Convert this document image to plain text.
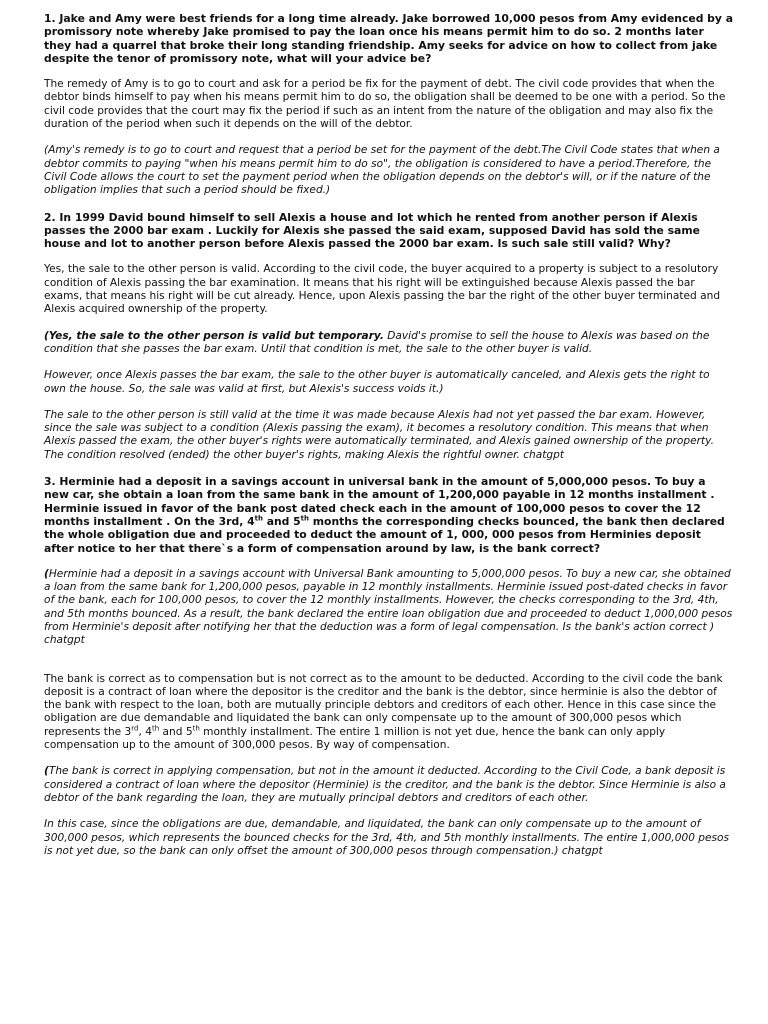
1. Jake and Amy were best friends for a long time already. Jake borrowed 10,000 pesos from Amy evidenced by a promissory note whereby Jake promised to pay the loan once his means permit him to do so. 2 months later they had a quarrel that broke their long standing friendship. Amy seeks for advice on how to collect from jake despite the tenor of promissory note, what will your advice be?

The remedy of Amy is to go to court and ask for a period be fix for the payment of debt. The civil code provides that when the debtor binds himself to pay when his means permit him to do so, the obligation shall be deemed to be one with a period. So the civil code provides that the court may fix the period if such as an intent from the nature of the obligation and may also fix the duration of the period when such it depends on the will of the debtor.

(Amy's remedy is to go to court and request that a period be set for the payment of the debt.The Civil Code states that when a debtor commits to paying "when his means permit him to do so", the obligation is considered to have a period.Therefore, the Civil Code allows the court to set the payment period when the obligation depends on the debtor's will, or if the nature of the obligation implies that such a period should be fixed.)

2. In 1999 David bound himself to sell Alexis a house and lot which he rented from another person if Alexis passes the 2000 bar exam . Luckily for Alexis she passed the said exam, supposed David has sold the same house and lot to another person before Alexis passed the 2000 bar exam. Is such sale still valid? Why?

Yes, the sale to the other person is valid. According to the civil code, the buyer acquired to a property is subject to a resolutory condition of Alexis passing the bar examination. It means that his right will be extinguished because Alexis passed the bar exams, that means his right will be cut already. Hence, upon Alexis passing the bar the right of the other buyer terminated and Alexis acquired ownership of the property.

(Yes, the sale to the other person is valid but temporary. David's promise to sell the house to Alexis was based on the condition that she passes the bar exam. Until that condition is met, the sale to the other buyer is valid.

However, once Alexis passes the bar exam, the sale to the other buyer is automatically canceled, and Alexis gets the right to own the house. So, the sale was valid at first, but Alexis's success voids it.)

The sale to the other person is still valid at the time it was made because Alexis had not yet passed the bar exam. However, since the sale was subject to a condition (Alexis passing the exam), it becomes a resolutory condition. This means that when Alexis passed the exam, the other buyer's rights were automatically terminated, and Alexis gained ownership of the property. The condition resolved (ended) the other buyer's rights, making Alexis the rightful owner. chatgpt

3. Herminie had a deposit in a savings account in universal bank in the amount of 5,000,000 pesos. To buy a new car, she obtain a loan from the same bank in the amount of 1,200,000 payable in 12 months installment . Herminie issued in favor of the bank post dated check each in the amount of 100,000 pesos to cover the 12 months installment . On the 3rd, 4th and 5th months the corresponding checks bounced, the bank then declared the whole obligation due and proceeded to deduct the amount of 1, 000, 000 pesos from Herminies deposit after notice to her that there`s a form of compensation around by law, is the bank correct?

(Herminie had a deposit in a savings account with Universal Bank amounting to 5,000,000 pesos. To buy a new car, she obtained a loan from the same bank for 1,200,000 pesos, payable in 12 monthly installments. Herminie issued post-dated checks in favor of the bank, each for 100,000 pesos, to cover the 12 monthly installments. However, the checks corresponding to the 3rd, 4th, and 5th months bounced. As a result, the bank declared the entire loan obligation due and proceeded to deduct 1,000,000 pesos from Herminie's deposit after notifying her that the deduction was a form of legal compensation. Is the bank's action correct ) chatgpt

The bank is correct as to compensation but is not correct as to the amount to be deducted. According to the civil code the bank deposit is a contract of loan where the depositor is the creditor and the bank is the debtor, since herminie is also the debtor of the bank with respect to the loan, both are mutually principle debtors and creditors of each other. Hence in this case since the obligation are due demandable and liquidated the bank can only compensate up to the amount of 300,000 pesos which represents the 3rd, 4th and 5th monthly installment. The entire 1 million is not yet due, hence the bank can only apply compensation up to the amount of 300,000 pesos. By way of compensation.

(The bank is correct in applying compensation, but not in the amount it deducted. According to the Civil Code, a bank deposit is considered a contract of loan where the depositor (Herminie) is the creditor, and the bank is the debtor. Since Herminie is also a debtor of the bank regarding the loan, they are mutually principal debtors and creditors of each other.

In this case, since the obligations are due, demandable, and liquidated, the bank can only compensate up to the amount of 300,000 pesos, which represents the bounced checks for the 3rd, 4th, and 5th monthly installments. The entire 1,000,000 pesos is not yet due, so the bank can only offset the amount of 300,000 pesos through compensation.) chatgpt
